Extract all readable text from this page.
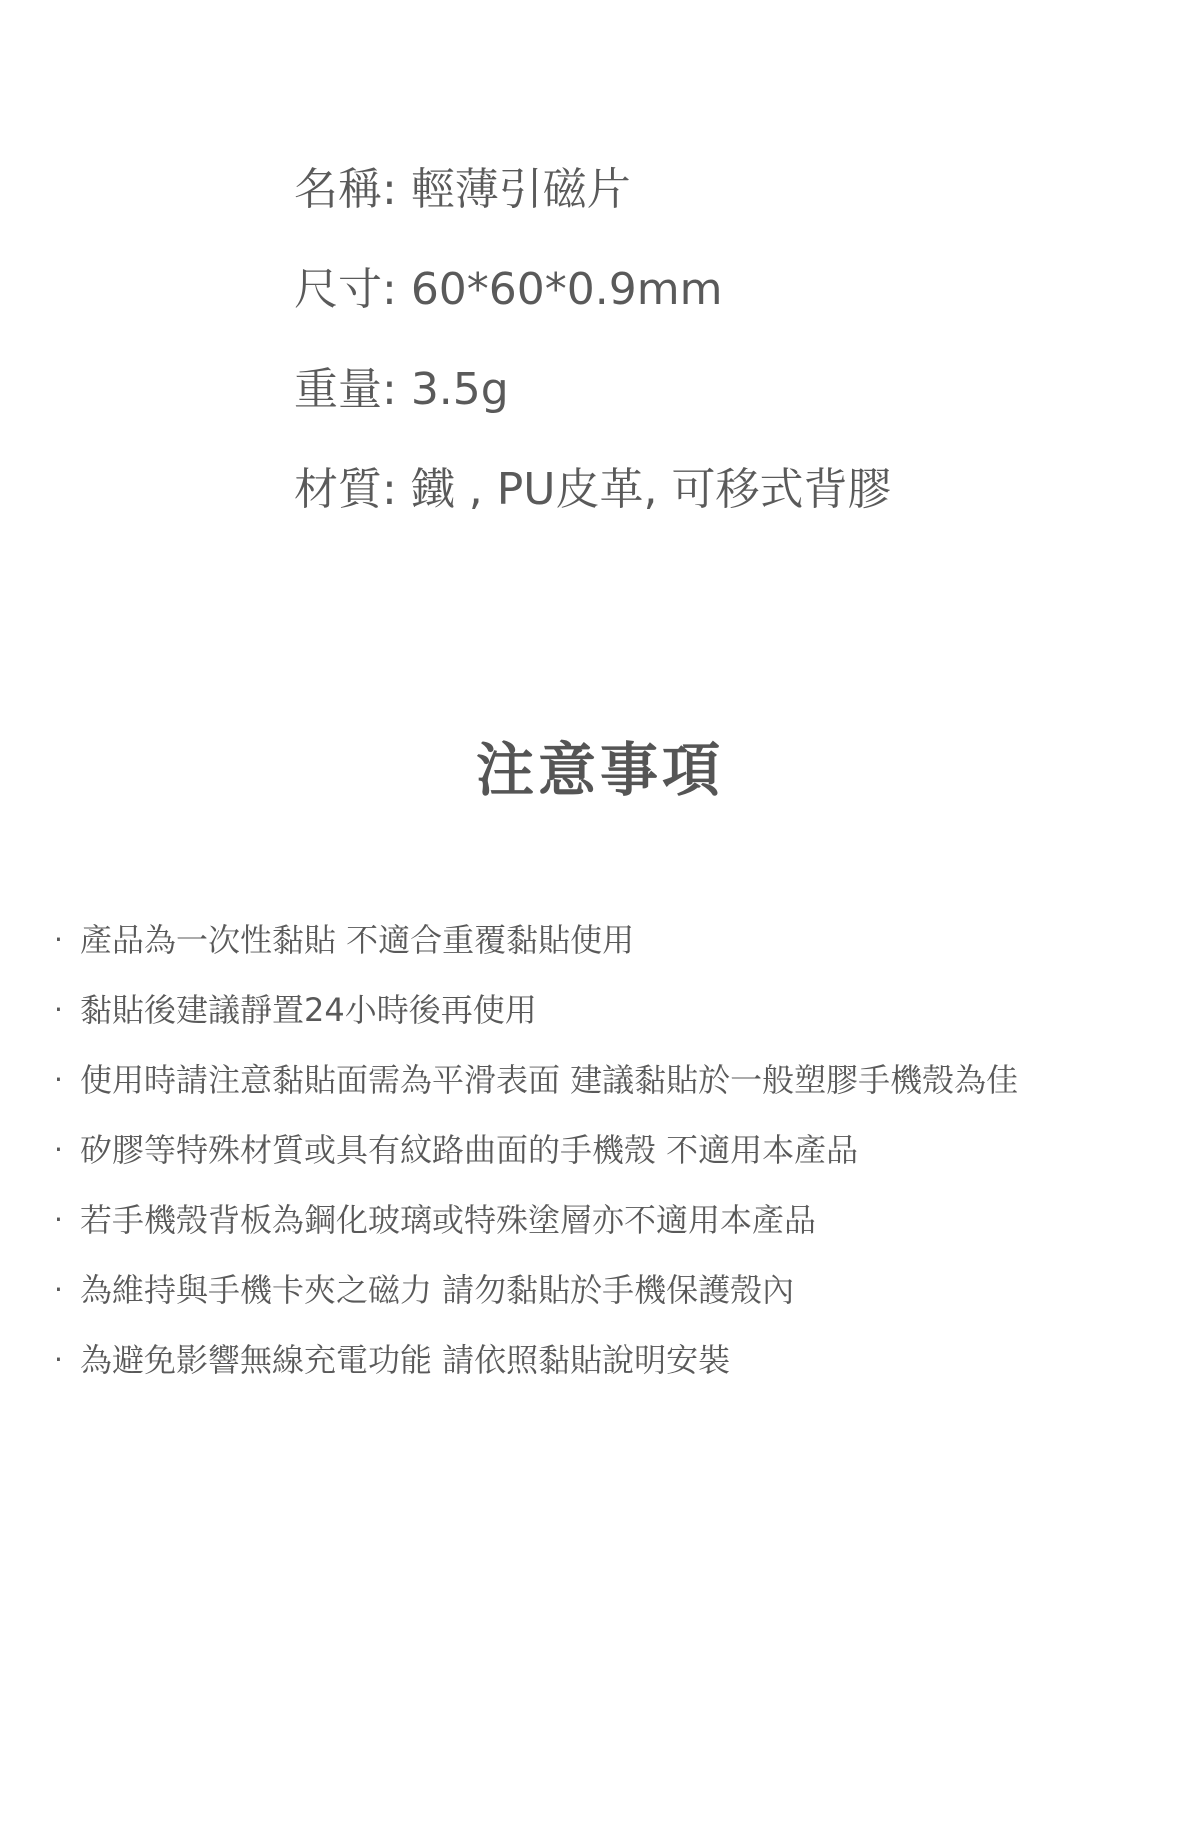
名稱: 輕薄引磁片
尺寸: 60*60*0.9mm
重量: 3.5g
材質: 鐵 , PU皮革, 可移式背膠
注意事項
· 產品為一次性黏貼 不適合重覆黏貼使用
· 黏貼後建議靜置24小時後再使用
· 使用時請注意黏貼面需為平滑表面 建議黏貼於一般塑膠手機殼為佳
· 矽膠等特殊材質或具有紋路曲面的手機殼 不適用本產品
· 若手機殼背板為鋼化玻璃或特殊塗層亦不適用本產品
· 為維持與手機卡夾之磁力 請勿黏貼於手機保護殼內
· 為避免影響無線充電功能 請依照黏貼說明安裝
